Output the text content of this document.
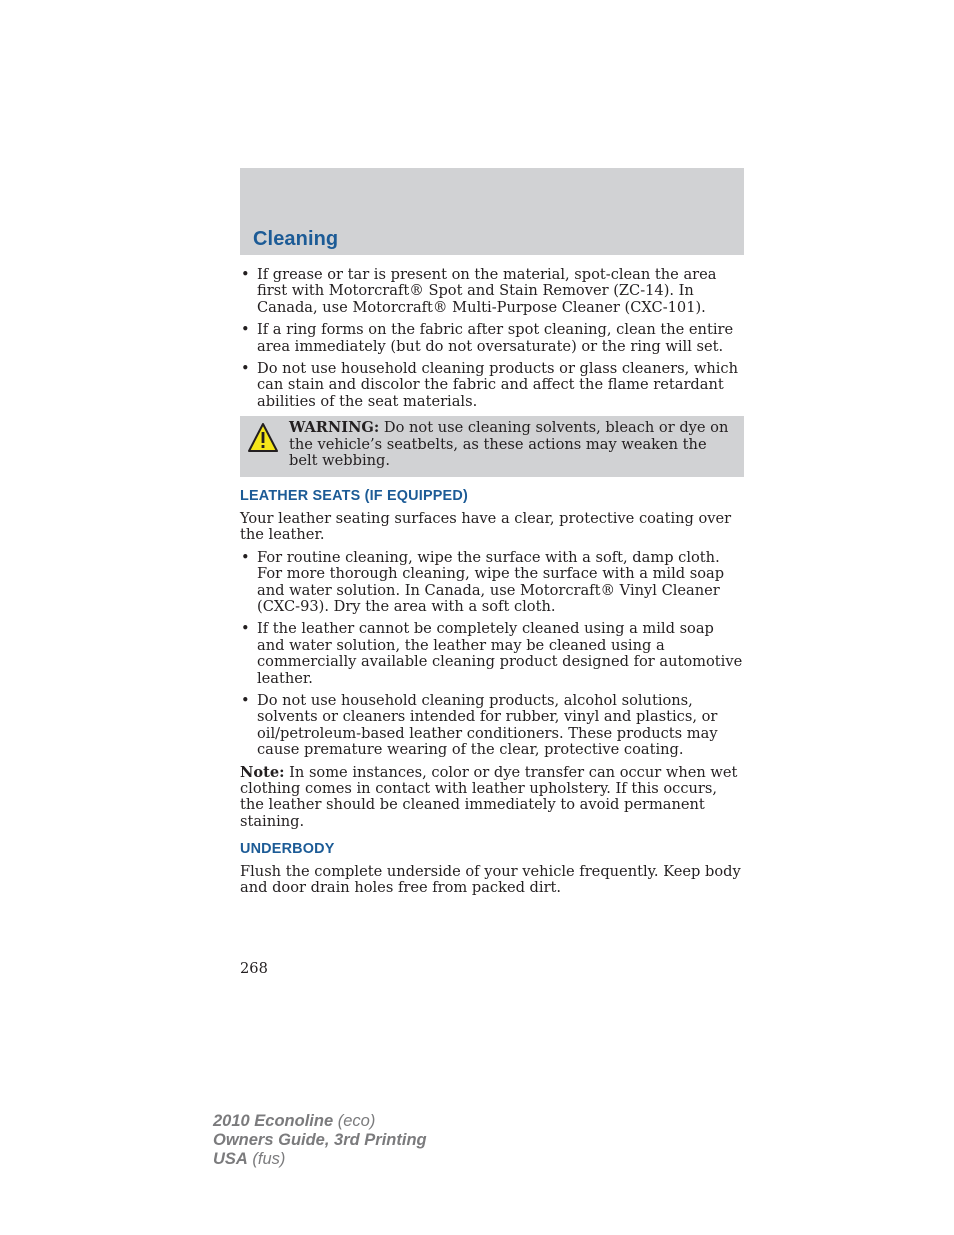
Cleaning
• If grease or tar is present on the material, spot-clean the area first with Motorcraft® Spot and Stain Remover (ZC-14). In Canada, use Motorcraft® Multi-Purpose Cleaner (CXC-101).
• If a ring forms on the fabric after spot cleaning, clean the entire area immediately (but do not oversaturate) or the ring will set.
• Do not use household cleaning products or glass cleaners, which can stain and discolor the fabric and affect the flame retardant abilities of the seat materials.
WARNING: Do not use cleaning solvents, bleach or dye on the vehicle’s seatbelts, as these actions may weaken the belt webbing.
LEATHER SEATS (IF EQUIPPED)

Your leather seating surfaces have a clear, protective coating over the leather.

• For routine cleaning, wipe the surface with a soft, damp cloth. For more thorough cleaning, wipe the surface with a mild soap and water solution. In Canada, use Motorcraft® Vinyl Cleaner (CXC-93). Dry the area with a soft cloth.
• If the leather cannot be completely cleaned using a mild soap and water solution, the leather may be cleaned using a commercially available cleaning product designed for automotive leather.
• Do not use household cleaning products, alcohol solutions, solvents or cleaners intended for rubber, vinyl and plastics, or oil/petroleum-based leather conditioners. These products may cause premature wearing of the clear, protective coating.

Note: In some instances, color or dye transfer can occur when wet clothing comes in contact with leather upholstery. If this occurs, the leather should be cleaned immediately to avoid permanent staining.

UNDERBODY

Flush the complete underside of your vehicle frequently. Keep body and door drain holes free from packed dirt.

268
2010 Econoline (eco)
Owners Guide, 3rd Printing
USA (fus)
